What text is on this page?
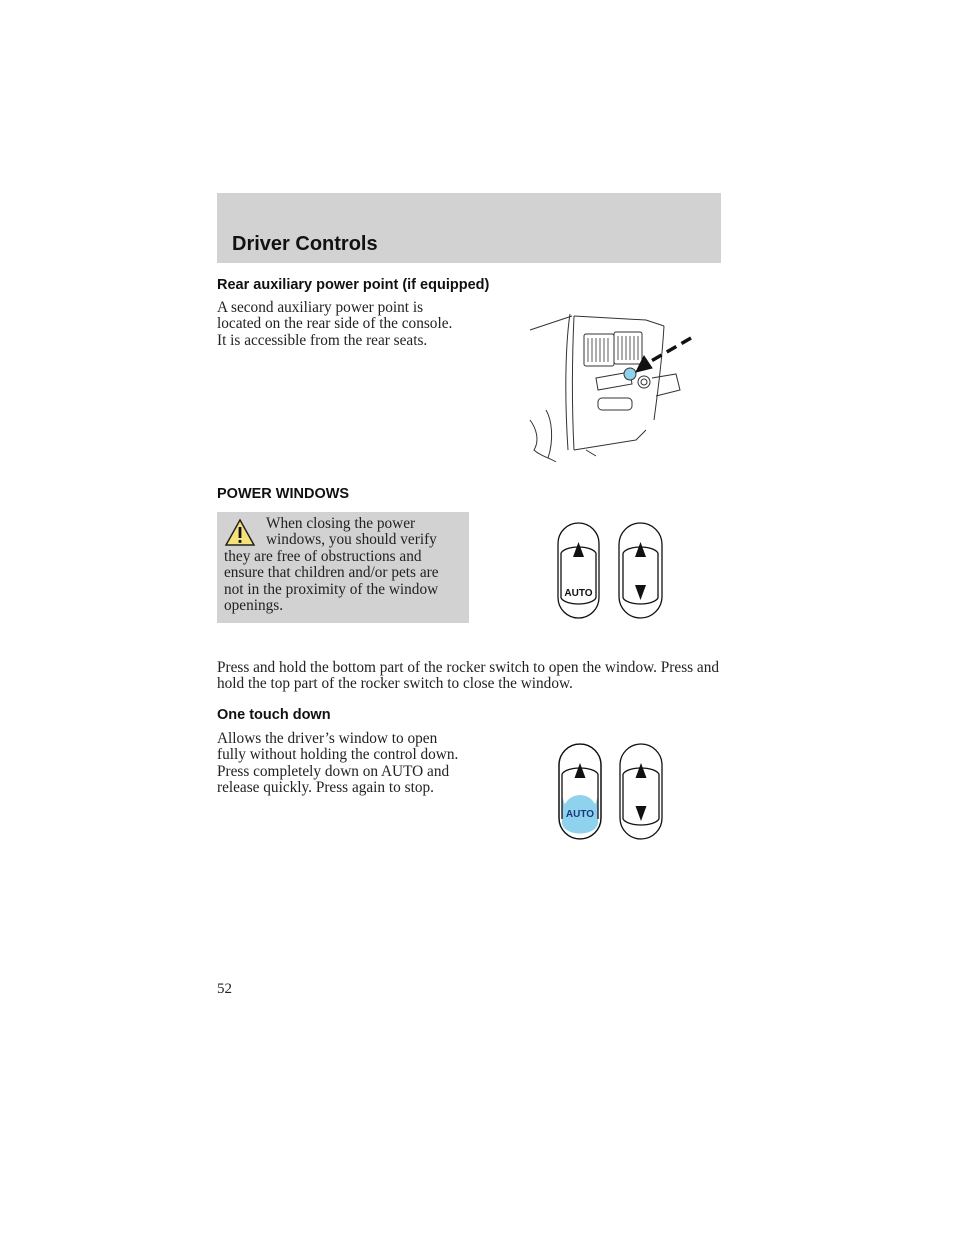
Driver Controls
Rear auxiliary power point (if equipped)

A second auxiliary power point is located on the rear side of the console. It is accessible from the rear seats.

POWER WINDOWS
When closing the power windows, you should verify they are free of obstructions and ensure that children and/or pets are not in the proximity of the window openings.
AUTO

Press and hold the bottom part of the rocker switch to open the window. Press and hold the top part of the rocker switch to close the window.

One touch down

Allows the driver’s window to open fully without holding the control down. Press completely down on AUTO and release quickly. Press again to stop.

AUTO
52
